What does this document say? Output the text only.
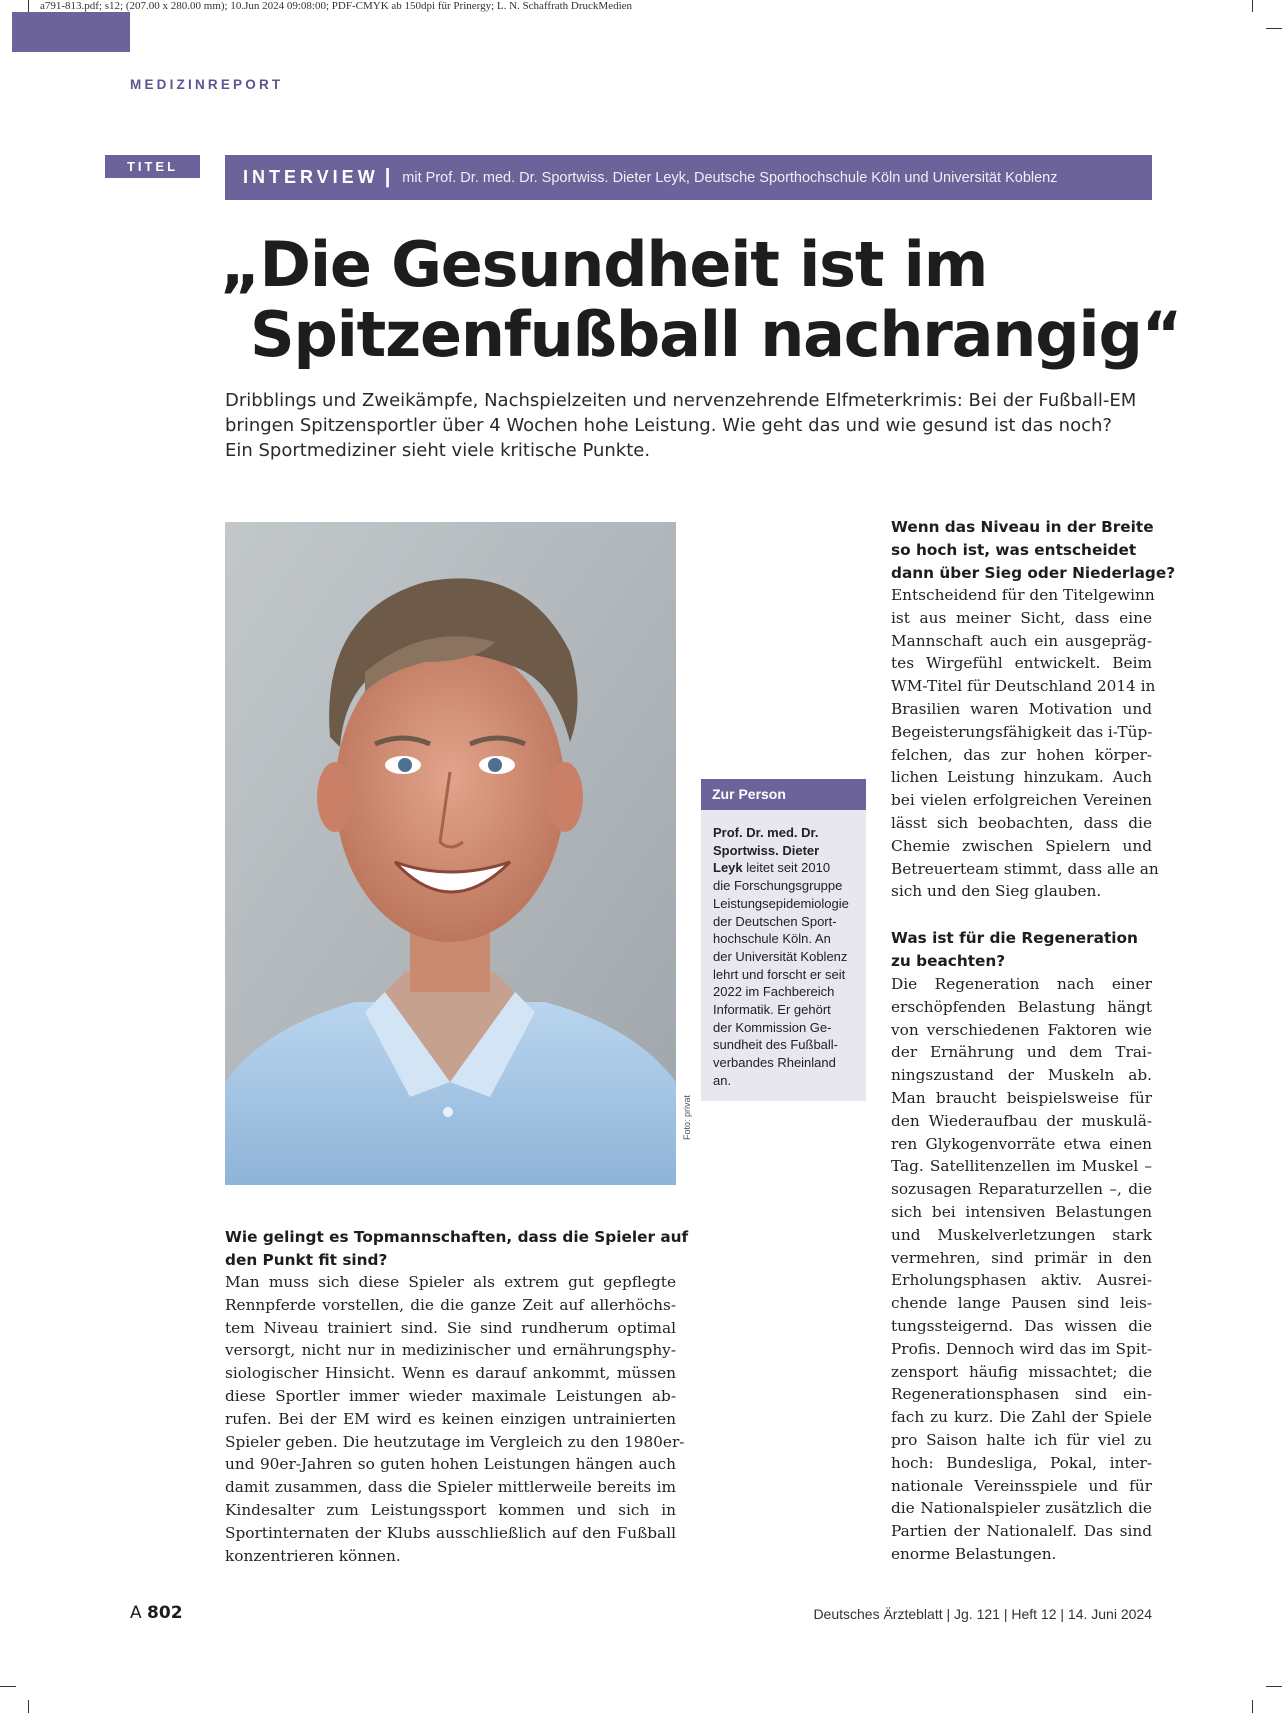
a791-813.pdf; s12; (207.00 x 280.00 mm); 10.Jun 2024 09:08:00; PDF-CMYK ab 150dpi für Prinergy; L. N. Schaffrath DruckMedien
MEDIZINREPORT
TITEL
INTERVIEW | mit Prof. Dr. med. Dr. Sportwiss. Dieter Leyk, Deutsche Sporthochschule Köln und Universität Koblenz
„Die Gesundheit ist im
Spitzenfußball nachrangig“
Dribblings und Zweikämpfe, Nachspielzeiten und nervenzehrende Elfmeterkrimis: Bei der Fußball-EM
bringen Spitzensportler über 4 Wochen hohe Leistung. Wie geht das und wie gesund ist das noch?
Ein Sportmediziner sieht viele kritische Punkte.
Foto: privat
Zur Person
Prof. Dr. med. Dr.
Sportwiss. Dieter
Leyk leitet seit 2010
die Forschungsgruppe
Leistungsepidemiologie
der Deutschen Sport-
hochschule Köln. An
der Universität Koblenz
lehrt und forscht er seit
2022 im Fachbereich
Informatik. Er gehört
der Kommission Ge-
sundheit des Fußball-
verbandes Rheinland
an.
Wie gelingt es Topmannschaften, dass die Spieler auf
den Punkt fit sind?
Man muss sich diese Spieler als extrem gut gepflegte
Rennpferde vorstellen, die die ganze Zeit auf allerhöchs-
tem Niveau trainiert sind. Sie sind rundherum optimal
versorgt, nicht nur in medizinischer und ernährungsphy-
siologischer Hinsicht. Wenn es darauf ankommt, müssen
diese Sportler immer wieder maximale Leistungen ab-
rufen. Bei der EM wird es keinen einzigen untrainierten
Spieler geben. Die heutzutage im Vergleich zu den 1980er-
und 90er-Jahren so guten hohen Leistungen hängen auch
damit zusammen, dass die Spieler mittlerweile bereits im
Kindesalter zum Leistungssport kommen und sich in
Sportinternaten der Klubs ausschließlich auf den Fußball
konzentrieren können.
Wenn das Niveau in der Breite
so hoch ist, was entscheidet
dann über Sieg oder Niederlage?
Entscheidend für den Titelgewinn
ist aus meiner Sicht, dass eine
Mannschaft auch ein ausgepräg-
tes Wirgefühl entwickelt. Beim
WM-Titel für Deutschland 2014 in
Brasilien waren Motivation und
Begeisterungsfähigkeit das i-Tüp-
felchen, das zur hohen körper-
lichen Leistung hinzukam. Auch
bei vielen erfolgreichen Vereinen
lässt sich beobachten, dass die
Chemie zwischen Spielern und
Betreuerteam stimmt, dass alle an
sich und den Sieg glauben.
Was ist für die Regeneration
zu beachten?
Die Regeneration nach einer
erschöpfenden Belastung hängt
von verschiedenen Faktoren wie
der Ernährung und dem Trai-
ningszustand der Muskeln ab.
Man braucht beispielsweise für
den Wiederaufbau der muskulä-
ren Glykogenvorräte etwa einen
Tag. Satellitenzellen im Muskel –
sozusagen Reparaturzellen –, die
sich bei intensiven Belastungen
und Muskelverletzungen stark
vermehren, sind primär in den
Erholungsphasen aktiv. Ausrei-
chende lange Pausen sind leis-
tungssteigernd. Das wissen die
Profis. Dennoch wird das im Spit-
zensport häufig missachtet; die
Regenerationsphasen sind ein-
fach zu kurz. Die Zahl der Spiele
pro Saison halte ich für viel zu
hoch: Bundesliga, Pokal, inter-
nationale Vereinsspiele und für
die Nationalspieler zusätzlich die
Partien der Nationalelf. Das sind
enorme Belastungen.
A 802	Deutsches Ärzteblatt | Jg. 121 | Heft 12 | 14. Juni 2024
